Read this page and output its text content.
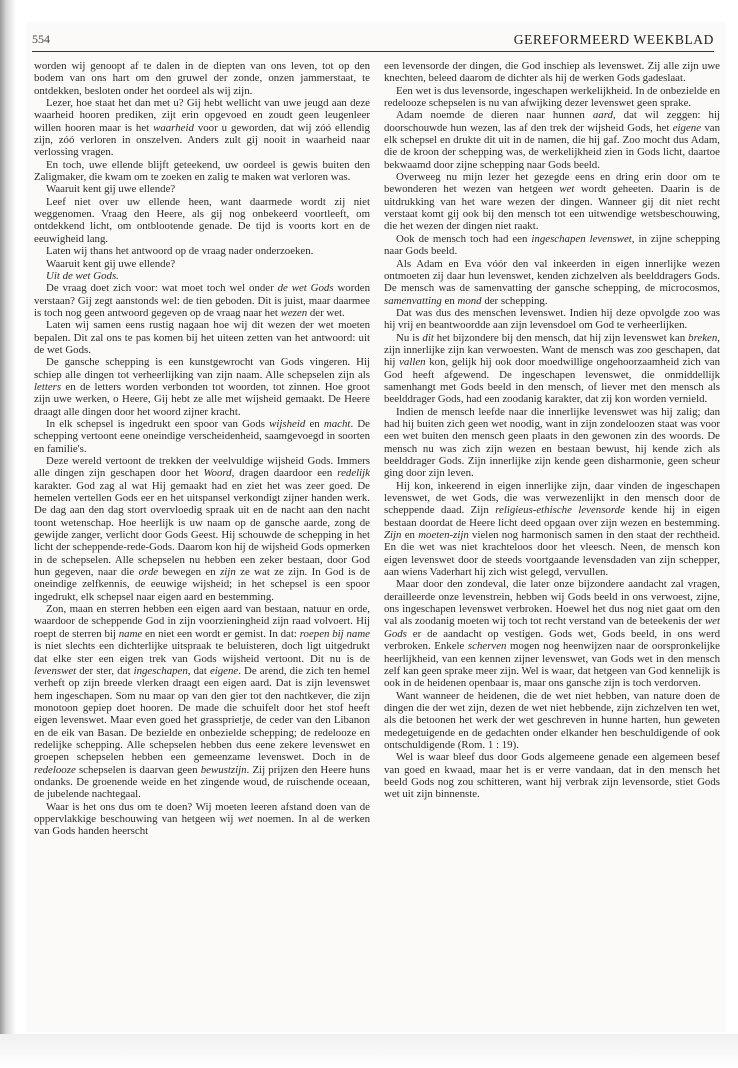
554	GEREFORMEERD WEEKBLAD

worden wij genoopt af te dalen in de diepten van ons leven, tot op den bodem van ons hart om den gruwel der zonde, onzen jammerstaat, te ontdekken, besloten onder het oordeel als wij zijn.

Lezer, hoe staat het dan met u? Gij hebt wellicht van uwe jeugd aan deze waarheid hooren prediken, zijt erin opgevoed en zoudt geen leugenleer willen hooren maar is het waarheid voor u geworden, dat wij zóó ellendig zijn, zóó verloren in onszelven. Anders zult gij nooit in waarheid naar verlossing vragen.

En toch, uwe ellende blijft geteekend, uw oordeel is gewis buiten den Zaligmaker, die kwam om te zoeken en zalig te maken wat verloren was.

Waaruit kent gij uwe ellende?

Leef niet over uw ellende heen, want daarmede wordt zij niet weggenomen. Vraag den Heere, als gij nog onbekeerd voortleeft, om ontdekkend licht, om ontblootende genade. De tijd is voorts kort en de eeuwigheid lang.

Laten wij thans het antwoord op de vraag nader onderzoeken.

Waaruit kent gij uwe ellende?

Uit de wet Gods.

De vraag doet zich voor: wat moet toch wel onder de wet Gods worden verstaan? Gij zegt aanstonds wel: de tien geboden. Dit is juist, maar daarmee is toch nog geen antwoord gegeven op de vraag naar het wezen der wet.

Laten wij samen eens rustig nagaan hoe wij dit wezen der wet moeten bepalen. Dit zal ons te pas komen bij het uiteen zetten van het antwoord: uit de wet Gods.

De gansche schepping is een kunstgewrocht van Gods vingeren. Hij schiep alle dingen tot verheerlijking van zijn naam. Alle schepselen zijn als letters en de letters worden verbonden tot woorden, tot zinnen. Hoe groot zijn uwe werken, o Heere, Gij hebt ze alle met wijsheid gemaakt. De Heere draagt alle dingen door het woord zijner kracht.

In elk schepsel is ingedrukt een spoor van Gods wijsheid en macht. De schepping vertoont eene oneindige verscheidenheid, saamgevoegd in soorten en familie's.

Deze wereld vertoont de trekken der veelvuldige wijsheid Gods. Immers alle dingen zijn geschapen door het Woord, dragen daardoor een redelijk karakter. God zag al wat Hij gemaakt had en ziet het was zeer goed. De hemelen vertellen Gods eer en het uitspansel verkondigt zijner handen werk. De dag aan den dag stort overvloedig spraak uit en de nacht aan den nacht toont wetenschap. Hoe heerlijk is uw naam op de gansche aarde, zong de gewijde zanger, verlicht door Gods Geest. Hij schouwde de schepping in het licht der scheppende-rede-Gods. Daarom kon hij de wijsheid Gods opmerken in de schepselen. Alle schepselen nu hebben een zeker bestaan, door God hun gegeven, naar die orde bewegen en zijn ze wat ze zijn. In God is de oneindige zelfkennis, de eeuwige wijsheid; in het schepsel is een spoor ingedrukt, elk schepsel naar eigen aard en bestemming.

Zon, maan en sterren hebben een eigen aard van bestaan, natuur en orde, waardoor de scheppende God in zijn voorzieningheid zijn raad volvoert. Hij roept de sterren bij name en niet een wordt er gemist. In dat: roepen bij name is niet slechts een dichterlijke uitspraak te beluisteren, doch ligt uitgedrukt dat elke ster een eigen trek van Gods wijsheid vertoont. Dit nu is de levenswet der ster, dat ingeschapen, dat eigene. De arend, die zich ten hemel verheft op zijn breede vlerken draagt een eigen aard. Dat is zijn levenswet hem ingeschapen. Som nu maar op van den gier tot den nachtkever, die zijn monotoon gepiep doet hooren. De made die schuifelt door het stof heeft eigen levenswet. Maar even goed het grassprietje, de ceder van den Libanon en de eik van Basan. De bezielde en onbezielde schepping; de redelooze en redelijke schepping. Alle schepselen hebben dus eene zekere levenswet en groepen schepselen hebben een gemeenzame levenswet. Doch in de redelooze schepselen is daarvan geen bewustzijn. Zij prijzen den Heere huns ondanks. De groenende weide en het zingende woud, de ruischende oceaan, de jubelende nachtegaal.

Waar is het ons dus om te doen? Wij moeten leeren afstand doen van de oppervlakkige beschouwing van hetgeen wij wet noemen. In al de werken van Gods handen heerscht

een levensorde der dingen, die God inschiep als levenswet. Zij alle zijn uwe knechten, beleed daarom de dichter als hij de werken Gods gadeslaat.

Een wet is dus levensorde, ingeschapen werkelijkheid. In de onbezielde en redelooze schepselen is nu van afwijking dezer levenswet geen sprake.

Adam noemde de dieren naar hunnen aard, dat wil zeggen: hij doorschouwde hun wezen, las af den trek der wijsheid Gods, het eigene van elk schepsel en drukte dit uit in de namen, die hij gaf. Zoo mocht dus Adam, die de kroon der schepping was, de werkelijkheid zien in Gods licht, daartoe bekwaamd door zijne schepping naar Gods beeld.

Overweeg nu mijn lezer het gezegde eens en dring erin door om te bewonderen het wezen van hetgeen wet wordt geheeten. Daarin is de uitdrukking van het ware wezen der dingen. Wanneer gij dit niet recht verstaat komt gij ook bij den mensch tot een uitwendige wetsbeschouwing, die het wezen der dingen niet raakt.

Ook de mensch toch had een ingeschapen levenswet, in zijne schepping naar Gods beeld.

Als Adam en Eva vóór den val inkeerden in eigen innerlijke wezen ontmoeten zij daar hun levenswet, kenden zichzelven als beelddragers Gods. De mensch was de samenvatting der gansche schepping, de microcosmos, samenvatting en mond der schepping.

Dat was dus des menschen levenswet. Indien hij deze opvolgde zoo was hij vrij en beantwoordde aan zijn levensdoel om God te verheerlijken.

Nu is dit het bijzondere bij den mensch, dat hij zijn levenswet kan breken, zijn innerlijke zijn kan verwoesten. Want de mensch was zoo geschapen, dat hij vallen kon, gelijk hij ook door moedwillige ongehoorzaamheid zich van God heeft afgewend. De ingeschapen levenswet, die onmiddellijk samenhangt met Gods beeld in den mensch, of liever met den mensch als beelddrager Gods, had een zoodanig karakter, dat zij kon worden vernield.

Indien de mensch leefde naar die innerlijke levenswet was hij zalig; dan had hij buiten zich geen wet noodig, want in zijn zondeloozen staat was voor een wet buiten den mensch geen plaats in den gewonen zin des woords. De mensch nu was zich zijn wezen en bestaan bewust, hij kende zich als beelddrager Gods. Zijn innerlijke zijn kende geen disharmonie, geen scheur ging door zijn leven.

Hij kon, inkeerend in eigen innerlijke zijn, daar vinden de ingeschapen levenswet, de wet Gods, die was verwezenlijkt in den mensch door de scheppende daad. Zijn religieus-ethische levensorde kende hij in eigen bestaan doordat de Heere licht deed opgaan over zijn wezen en bestemming. Zijn en moeten-zijn vielen nog harmonisch samen in den staat der rechtheid. En die wet was niet krachteloos door het vleesch. Neen, de mensch kon eigen levenswet door de steeds voortgaande levensdaden van zijn schepper, aan wiens Vaderhart hij zich wist gelegd, vervullen.

Maar door den zondeval, die later onze bijzondere aandacht zal vragen, derailleerde onze levenstrein, hebben wij Gods beeld in ons verwoest, zijne, ons ingeschapen levenswet verbroken. Hoewel het dus nog niet gaat om den val als zoodanig moeten wij toch tot recht verstand van de beteekenis der wet Gods er de aandacht op vestigen. Gods wet, Gods beeld, in ons werd verbroken. Enkele scherven mogen nog heenwijzen naar de oorspronkelijke heerlijkheid, van een kennen zijner levenswet, van Gods wet in den mensch zelf kan geen sprake meer zijn. Wel is waar, dat hetgeen van God kennelijk is ook in de heidenen openbaar is, maar ons gansche zijn is toch verdorven.

Want wanneer de heidenen, die de wet niet hebben, van nature doen de dingen die der wet zijn, dezen de wet niet hebbende, zijn zichzelven ten wet, als die betoonen het werk der wet geschreven in hunne harten, hun geweten medegetuigende en de gedachten onder elkander hen beschuldigende of ook ontschuldigende (Rom. 1 : 19).

Wel is waar bleef dus door Gods algemeene genade een algemeen besef van goed en kwaad, maar het is er verre vandaan, dat in den mensch het beeld Gods nog zou schitteren, want hij verbrak zijn levensorde, stiet Gods wet uit zijn binnenste.
